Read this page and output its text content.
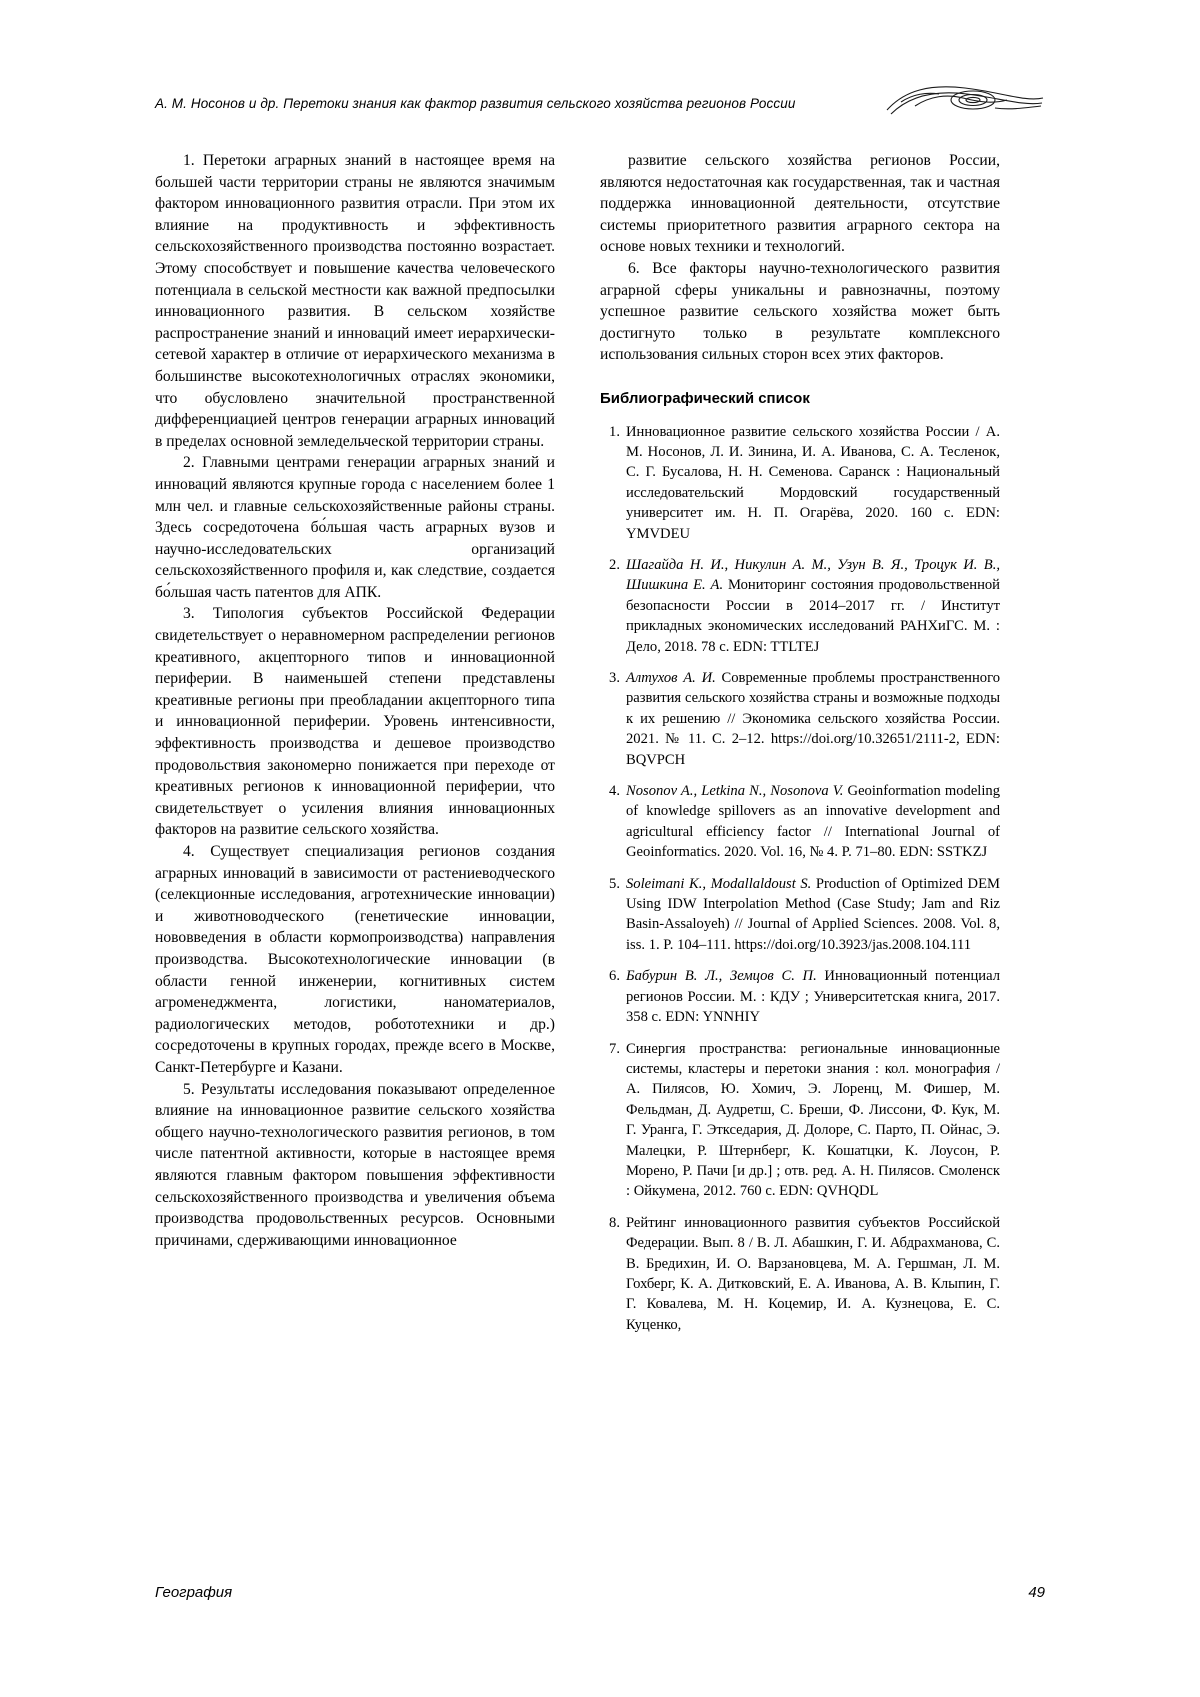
А. М. Носонов и др. Перетоки знания как фактор развития сельского хозяйства регионов России

1. Перетоки аграрных знаний в настоящее время на большей части территории страны не являются значимым фактором инновационного развития отрасли. При этом их влияние на продуктивность и эффективность сельскохозяйственного производства постоянно возрастает. Этому способствует и повышение качества человеческого потенциала в сельской местности как важной предпосылки инновационного развития. В сельском хозяйстве распространение знаний и инноваций имеет иерархически-сетевой характер в отличие от иерархического механизма в большинстве высокотехнологичных отраслях экономики, что обусловлено значительной пространственной дифференциацией центров генерации аграрных инноваций в пределах основной земледельческой территории страны.

2. Главными центрами генерации аграрных знаний и инноваций являются крупные города с населением более 1 млн чел. и главные сельскохозяйственные районы страны. Здесь сосредоточена бо́льшая часть аграрных вузов и научно-исследовательских организаций сельскохозяйственного профиля и, как следствие, создается бо́льшая часть патентов для АПК.

3. Типология субъектов Российской Федерации свидетельствует о неравномерном распределении регионов креативного, акцепторного типов и инновационной периферии. В наименьшей степени представлены креативные регионы при преобладании акцепторного типа и инновационной периферии. Уровень интенсивности, эффективность производства и дешевое производство продовольствия закономерно понижается при переходе от креативных регионов к инновационной периферии, что свидетельствует о усиления влияния инновационных факторов на развитие сельского хозяйства.

4. Существует специализация регионов создания аграрных инноваций в зависимости от растениеводческого (селекционные исследования, агротехнические инновации) и животноводческого (генетические инновации, нововведения в области кормопроизводства) направления производства. Высокотехнологические инновации (в области генной инженерии, когнитивных систем агроменеджмента, логистики, наноматериалов, радиологических методов, робототехники и др.) сосредоточены в крупных городах, прежде всего в Москве, Санкт-Петербурге и Казани.

5. Результаты исследования показывают определенное влияние на инновационное развитие сельского хозяйства общего научно-технологического развития регионов, в том числе патентной активности, которые в настоящее время являются главным фактором повышения эффективности сельскохозяйственного производства и увеличения объема производства продовольственных ресурсов. Основными причинами, сдерживающими инновационное

развитие сельского хозяйства регионов России, являются недостаточная как государственная, так и частная поддержка инновационной деятельности, отсутствие системы приоритетного развития аграрного сектора на основе новых техники и технологий.

6. Все факторы научно-технологического развития аграрной сферы уникальны и равнозначны, поэтому успешное развитие сельского хозяйства может быть достигнуто только в результате комплексного использования сильных сторон всех этих факторов.

Библиографический список
1. Инновационное развитие сельского хозяйства России / А. М. Носонов, Л. И. Зинина, И. А. Иванова, С. А. Тесленок, С. Г. Бусалова, Н. Н. Семенова. Саранск : Национальный исследовательский Мордовский государственный университет им. Н. П. Огарёва, 2020. 160 с. EDN: YMVDEU
2. Шагайда Н. И., Никулин А. М., Узун В. Я., Троцук И. В., Шишкина Е. А. Мониторинг состояния продовольственной безопасности России в 2014–2017 гг. / Институт прикладных экономических исследований РАНХиГС. М. : Дело, 2018. 78 с. EDN: TTLTEJ
3. Алтухов А. И. Современные проблемы пространственного развития сельского хозяйства страны и возможные подходы к их решению // Экономика сельского хозяйства России. 2021. № 11. С. 2–12. https://doi.org/10.32651/2111-2, EDN: BQVPCH
4. Nosonov A., Letkina N., Nosonova V. Geoinformation modeling of knowledge spillovers as an innovative development and agricultural efficiency factor // International Journal of Geoinformatics. 2020. Vol. 16, № 4. P. 71–80. EDN: SSTKZJ
5. Soleimani K., Modallaldoust S. Production of Optimized DEM Using IDW Interpolation Method (Case Study; Jam and Riz Basin-Assaloyeh) // Journal of Applied Sciences. 2008. Vol. 8, iss. 1. P. 104–111. https://doi.org/10.3923/jas.2008.104.111
6. Бабурин В. Л., Земцов С. П. Инновационный потенциал регионов России. М. : КДУ ; Университетская книга, 2017. 358 с. EDN: YNNHIY
7. Синергия пространства: региональные инновационные системы, кластеры и перетоки знания : кол. монография / А. Пилясов, Ю. Хомич, Э. Лоренц, М. Фишер, М. Фельдман, Д. Аудретш, С. Бреши, Ф. Лиссони, Ф. Кук, М. Г. Уранга, Г. Эткседария, Д. Долоре, С. Парто, П. Ойнас, Э. Малецки, Р. Штернберг, К. Кошатцки, К. Лоусон, Р. Морено, Р. Пачи [и др.] ; отв. ред. А. Н. Пилясов. Смоленск : Ойкумена, 2012. 760 с. EDN: QVHQDL
8. Рейтинг инновационного развития субъектов Российской Федерации. Вып. 8 / В. Л. Абашкин, Г. И. Абдрахманова, С. В. Бредихин, И. О. Варзановцева, М. А. Гершман, Л. М. Гохберг, К. А. Дитковский, Е. А. Иванова, А. В. Клыпин, Г. Г. Ковалева, М. Н. Коцемир, И. А. Кузнецова, Е. С. Куценко,
География	49
